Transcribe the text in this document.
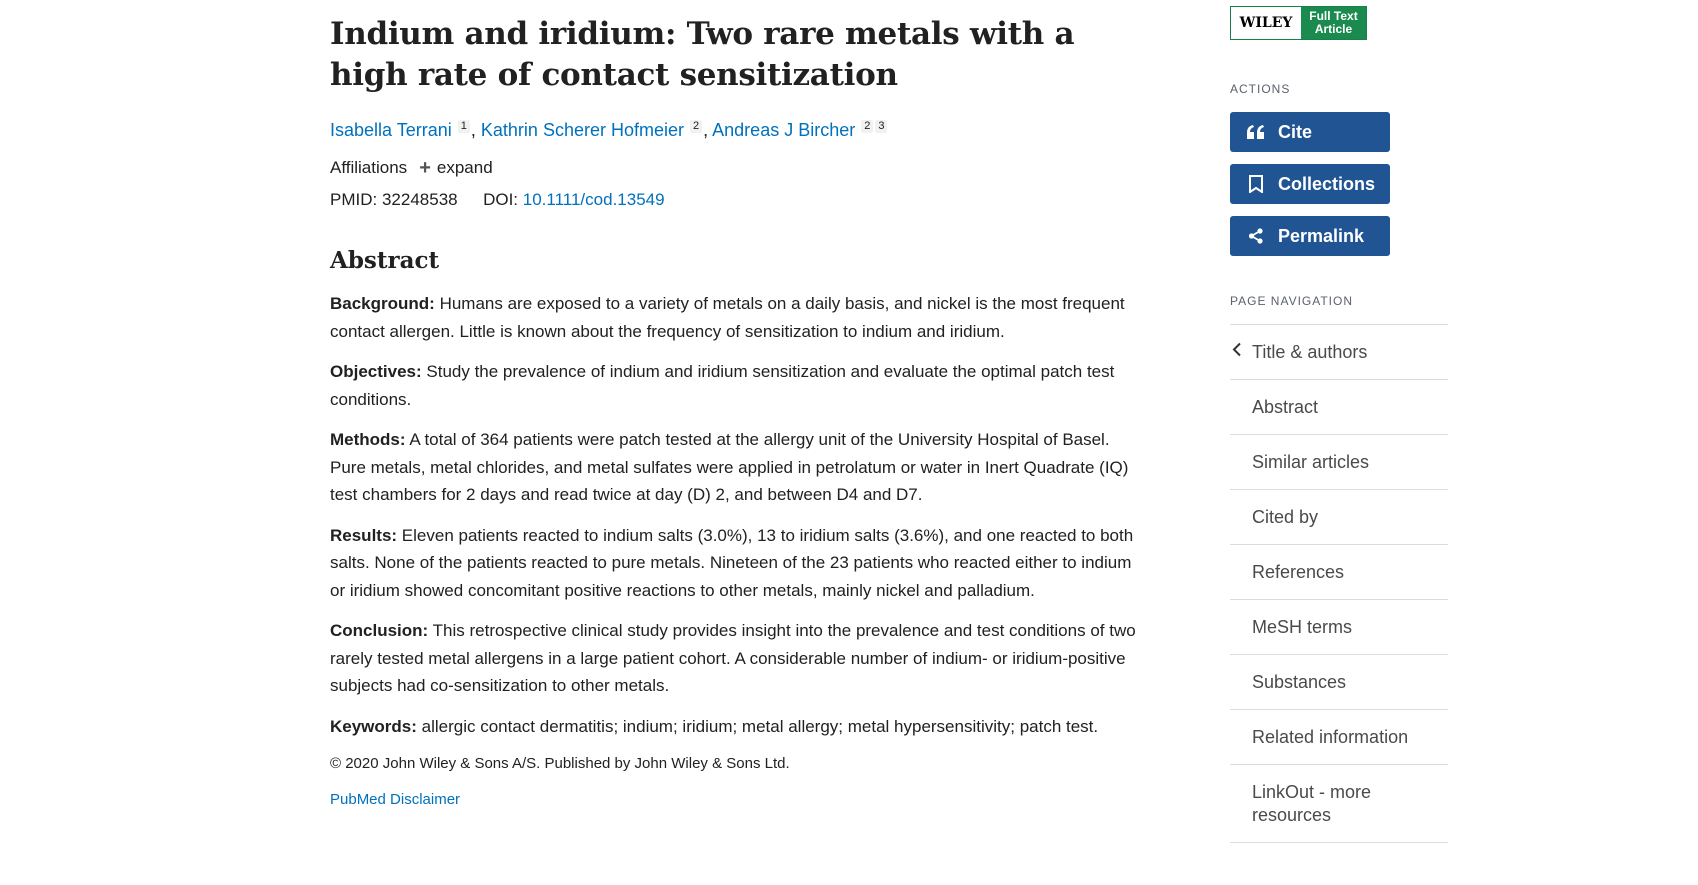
Indium and iridium: Two rare metals with a high rate of contact sensitization
Isabella Terrani 1 , Kathrin Scherer Hofmeier 2 , Andreas J Bircher 2 3
Affiliations + expand
PMID: 32248538 DOI: 10.1111/cod.13549
Abstract

Background: Humans are exposed to a variety of metals on a daily basis, and nickel is the most frequent contact allergen. Little is known about the frequency of sensitization to indium and iridium.

Objectives: Study the prevalence of indium and iridium sensitization and evaluate the optimal patch test conditions.

Methods: A total of 364 patients were patch tested at the allergy unit of the University Hospital of Basel. Pure metals, metal chlorides, and metal sulfates were applied in petrolatum or water in Inert Quadrate (IQ) test chambers for 2 days and read twice at day (D) 2, and between D4 and D7.

Results: Eleven patients reacted to indium salts (3.0%), 13 to iridium salts (3.6%), and one reacted to both salts. None of the patients reacted to pure metals. Nineteen of the 23 patients who reacted either to indium or iridium showed concomitant positive reactions to other metals, mainly nickel and palladium.

Conclusion: This retrospective clinical study provides insight into the prevalence and test conditions of two rarely tested metal allergens in a large patient cohort. A considerable number of indium- or iridium-positive subjects had co-sensitization to other metals.

Keywords: allergic contact dermatitis; indium; iridium; metal allergy; metal hypersensitivity; patch test.

© 2020 John Wiley & Sons A/S. Published by John Wiley & Sons Ltd.
PubMed Disclaimer
WILEY	Full Text
Article
ACTIONS
Cite
Collections
Permalink
PAGE NAVIGATION
Title & authors
Abstract
Similar articles
Cited by
References
MeSH terms
Substances
Related information
LinkOut - more resources
